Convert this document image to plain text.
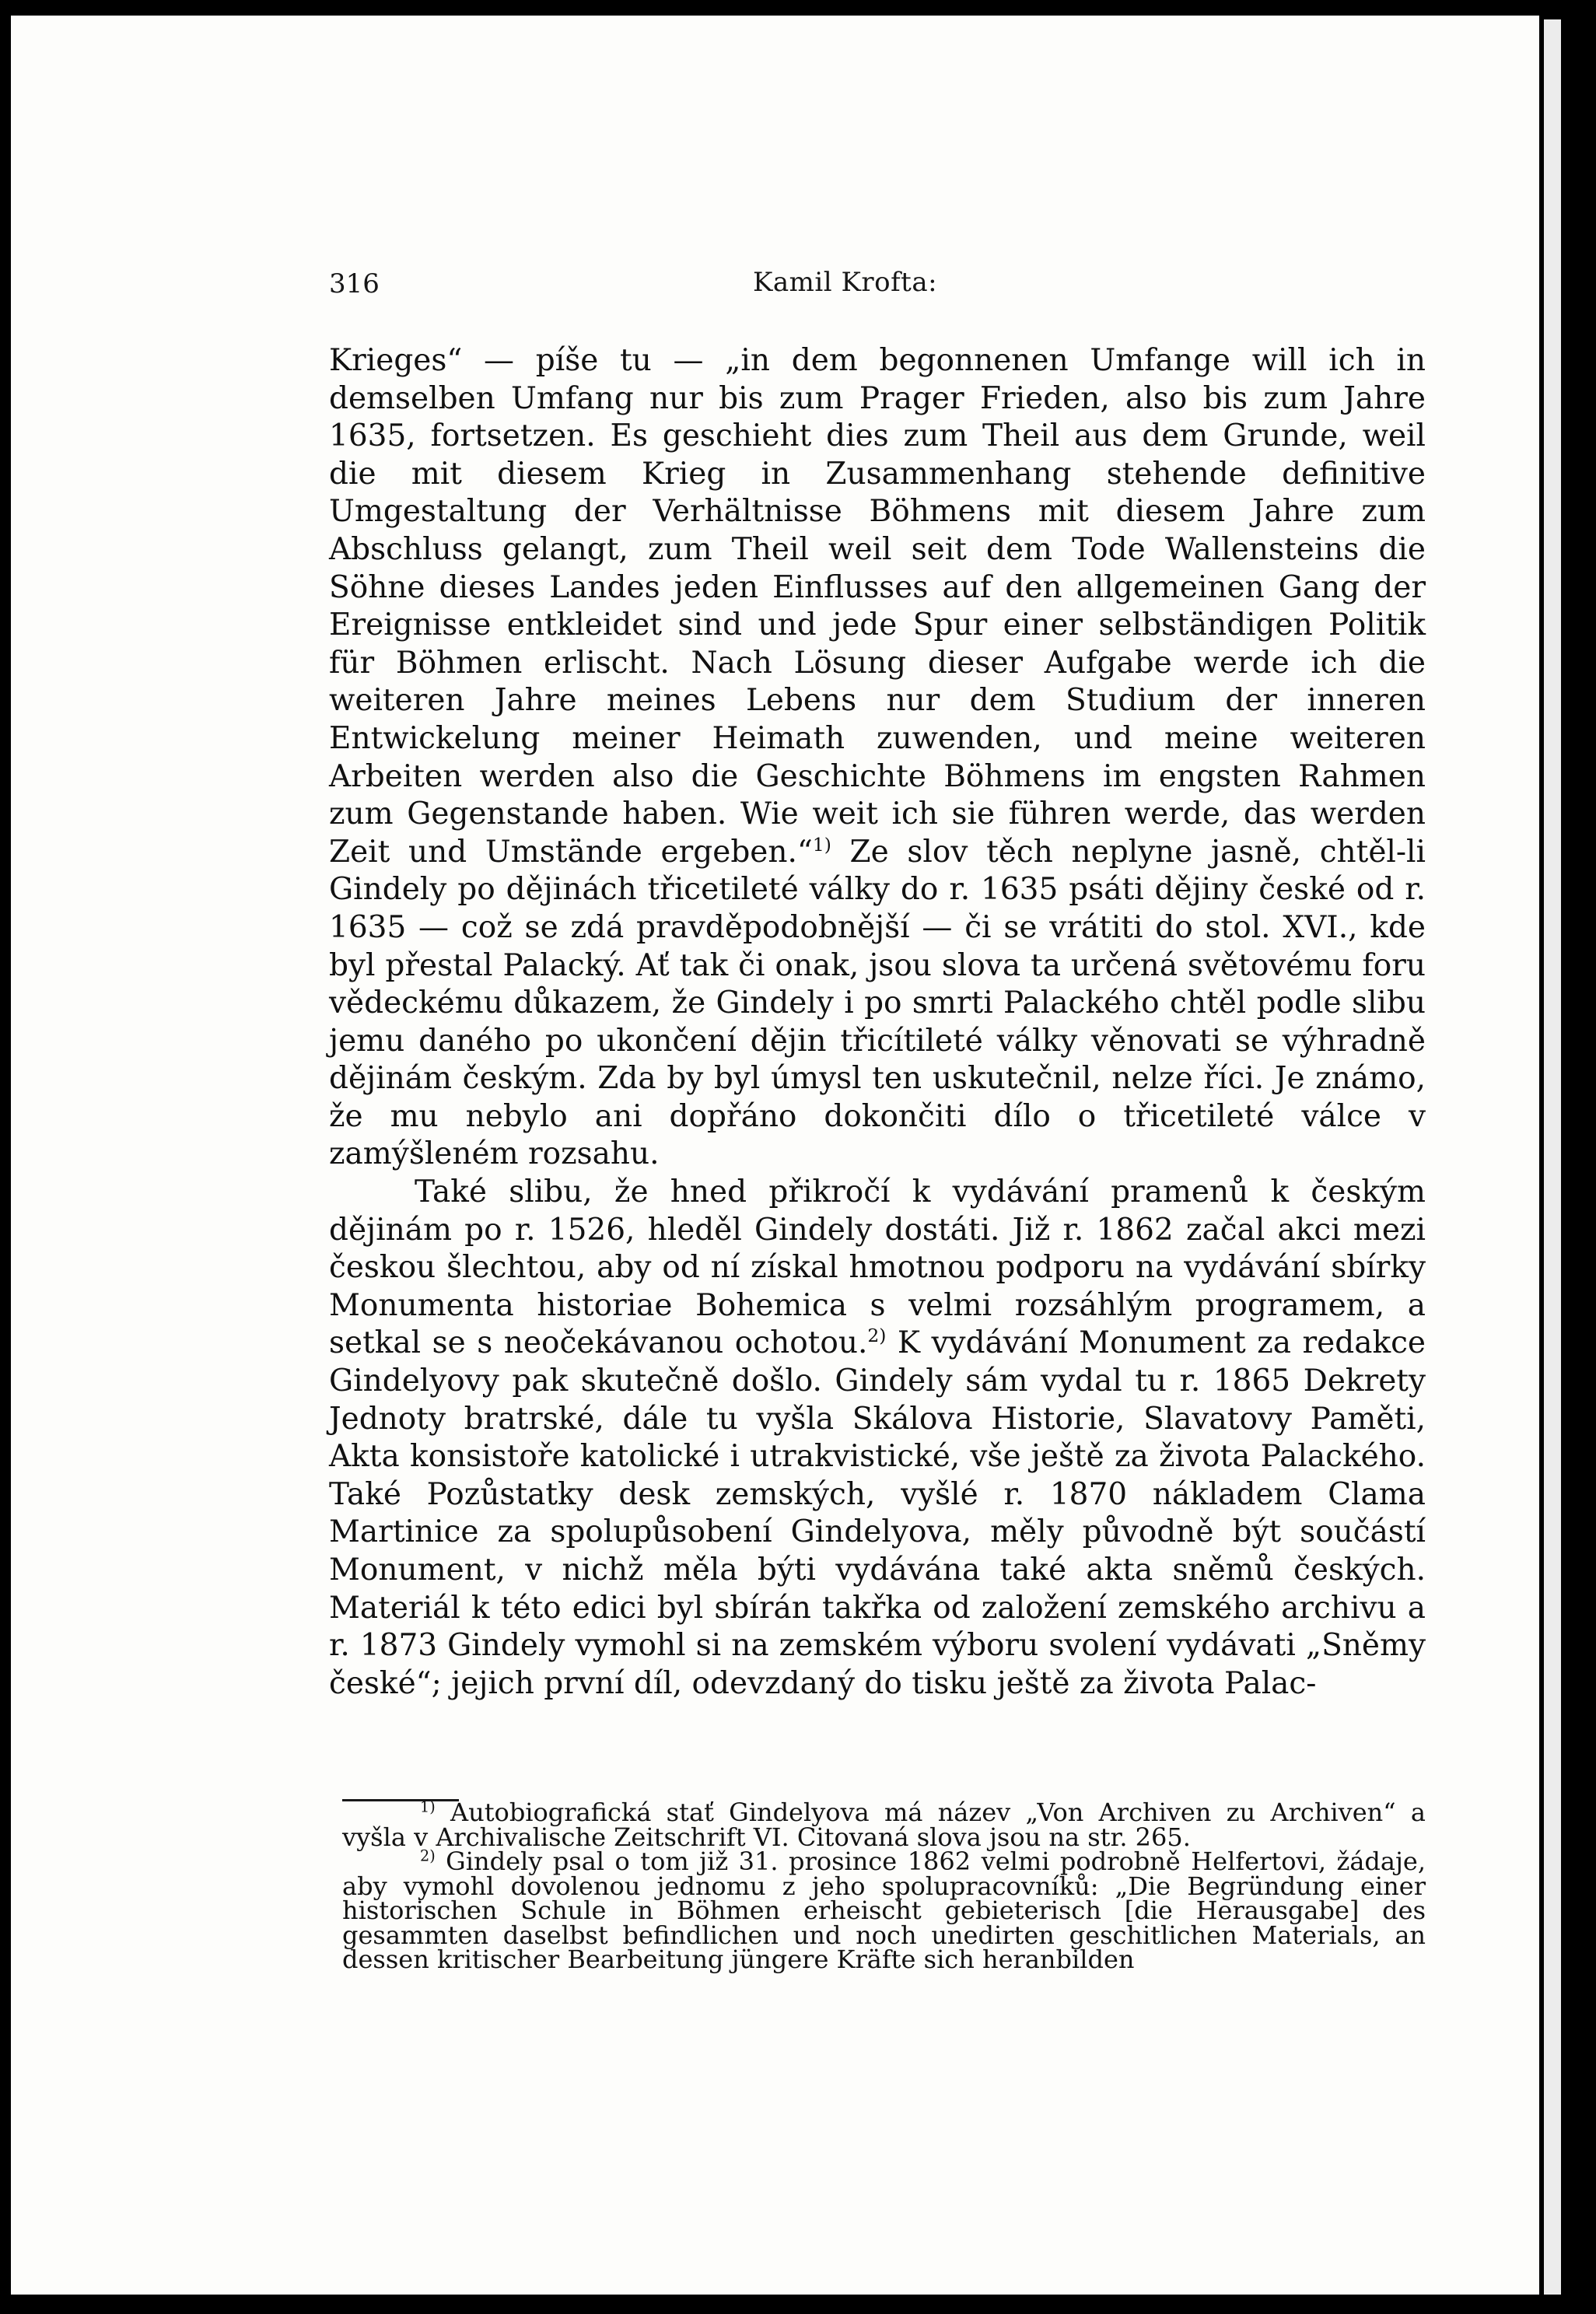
316	Kamil Krofta:

Krieges“ — píše tu — „in dem begonnenen Umfange will ich in demselben Umfang nur bis zum Prager Frieden, also bis zum Jahre 1635, fortsetzen. Es geschieht dies zum Theil aus dem Grunde, weil die mit diesem Krieg in Zusammenhang stehende definitive Umgestaltung der Verhältnisse Böhmens mit diesem Jahre zum Abschluss gelangt, zum Theil weil seit dem Tode Wallensteins die Söhne dieses Landes jeden Einflusses auf den allgemeinen Gang der Ereignisse entkleidet sind und jede Spur einer selbständigen Politik für Böhmen erlischt. Nach Lösung dieser Aufgabe werde ich die weiteren Jahre meines Lebens nur dem Studium der inneren Entwickelung meiner Heimath zuwenden, und meine weiteren Arbeiten werden also die Geschichte Böhmens im engsten Rahmen zum Gegenstande haben. Wie weit ich sie führen werde, das werden Zeit und Umstände ergeben.“$^{1)}$ Ze slov těch neplyne jasně, chtěl-li Gindely po dějinách třicetileté války do r. 1635 psáti dějiny české od r. 1635 — což se zdá pravděpodobnější — či se vrátiti do stol. XVI., kde byl přestal Palacký. Ať tak či onak, jsou slova ta určená světovému foru vědeckému důkazem, že Gindely i po smrti Palackého chtěl podle slibu jemu daného po ukončení dějin třicítileté války věnovati se výhradně dějinám českým. Zda by byl úmysl ten uskutečnil, nelze říci. Je známo, že mu nebylo ani dopřáno dokončiti dílo o třicetileté válce v zamýšleném rozsahu.

Také slibu, že hned přikročí k vydávání pramenů k českým dějinám po r. 1526, hleděl Gindely dostáti. Již r. 1862 začal akci mezi českou šlechtou, aby od ní získal hmotnou podporu na vydávání sbírky Monumenta historiae Bohemica s velmi rozsáhlým programem, a setkal se s neočekávanou ochotou.$^{2)}$ K vydávání Monument za redakce Gindelyovy pak skutečně došlo. Gindely sám vydal tu r. 1865 Dekrety Jednoty bratrské, dále tu vyšla Skálova Historie, Slavatovy Paměti, Akta konsistoře katolické i utrakvistické, vše ještě za života Palackého. Také Pozůstatky desk zemských, vyšlé r. 1870 nákladem Clama Martinice za spolupůsobení Gindelyova, měly původně být součástí Monument, v nichž měla býti vydávána také akta sněmů českých. Materiál k této edici byl sbírán takřka od založení zemského archivu a r. 1873 Gindely vymohl si na zemském výboru svolení vydávati „Sněmy české“; jejich první díl, odevzdaný do tisku ještě za života Palac-

$^{1)}$ Autobiografická stať Gindelyova má název „Von Archiven zu Archiven“ a vyšla v Archivalische Zeitschrift VI. Citovaná slova jsou na str. 265.

$^{2)}$ Gindely psal o tom již 31. prosince 1862 velmi podrobně Helfertovi, žádaje, aby vymohl dovolenou jednomu z jeho spolupracovníků: „Die Begründung einer historischen Schule in Böhmen erheischt gebieterisch [die Herausgabe] des gesammten daselbst befindlichen und noch unedirten geschitlichen Materials, an dessen kritischer Bearbeitung jüngere Kräfte sich heranbilden
